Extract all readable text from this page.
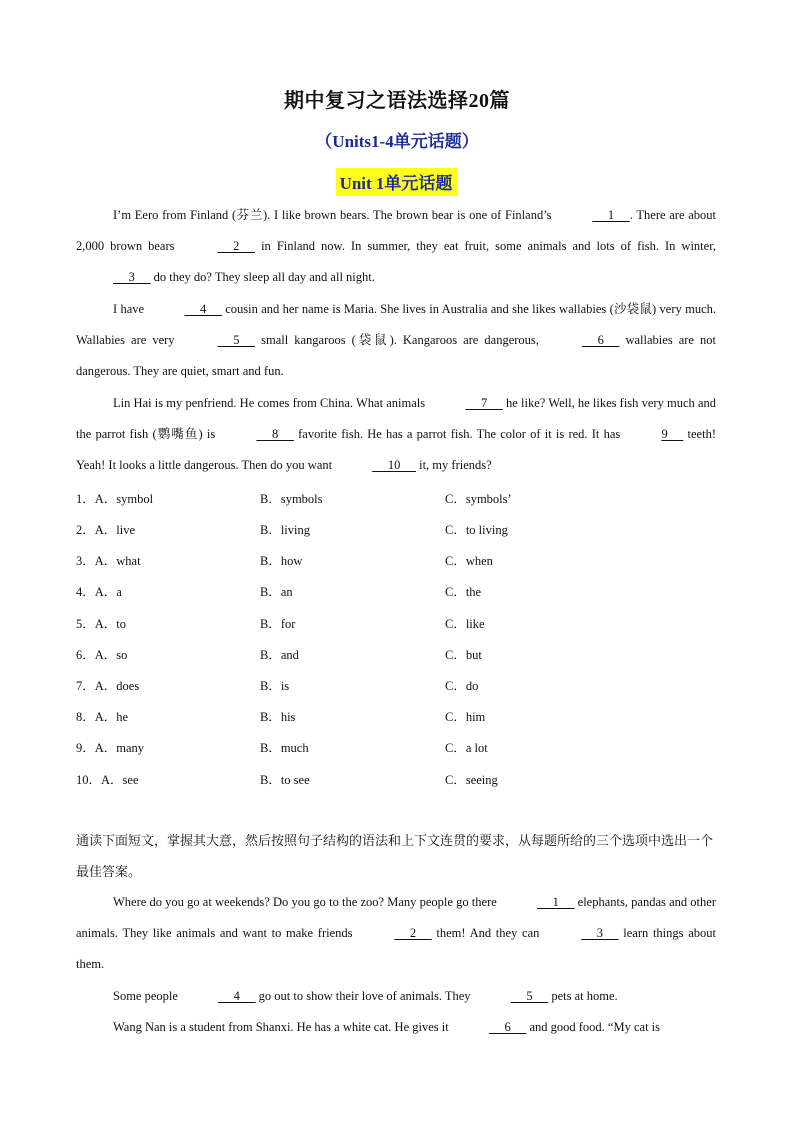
期中复习之语法选择20篇
（Units1-4单元话题）
Unit 1单元话题
I’m Eero from Finland (芬兰). I like brown bears. The brown bear is one of Finland’s	1     . There are about 2,000 brown bears	2      in Finland now. In summer, they eat fruit, some animals and lots of fish. In winter,      3      do they do? They sleep all day and all night.
I have	4      cousin and her name is Maria. She lives in Australia and she likes wallabies (沙袋鼠) very much. Wallabies are very	5      small kangaroos (袋鼠). Kangaroos are dangerous,	6      wallabies are not dangerous. They are quiet, smart and fun.
Lin Hai is my penfriend. He comes from China. What animals	7      he like? Well, he likes fish very much and the parrot fish (鹦嘴鱼) is	8      favorite fish. He has a parrot fish. The color of it is red. It has	9      teeth! Yeah! It looks a little dangerous. Then do you want	10      it, my friends?
1．A．symbol	B．symbols	C．symbols’
2．A．live	B．living	C．to living
3．A．what	B．how	C．when
4．A．a	B．an	C．the
5．A．to	B．for	C．like
6．A．so	B．and	C．but
7．A．does	B．is	C．do
8．A．he	B．his	C．him
9．A．many	B．much	C．a lot
10．A．see	B．to see	C．seeing
通读下面短文，掌握其大意，然后按照句子结构的语法和上下文连贯的要求，从每题所给的三个选项中选出一个最佳答案。
Where do you go at weekends? Do you go to the zoo? Many people go there	1      elephants, pandas and other animals. They like animals and want to make friends	2      them! And they can	3      learn things about them.
Some people	4      go out to show their love of animals. They	5      pets at home.
Wang Nan is a student from Shanxi. He has a white cat. He gives it	6      and good food. “My cat is
